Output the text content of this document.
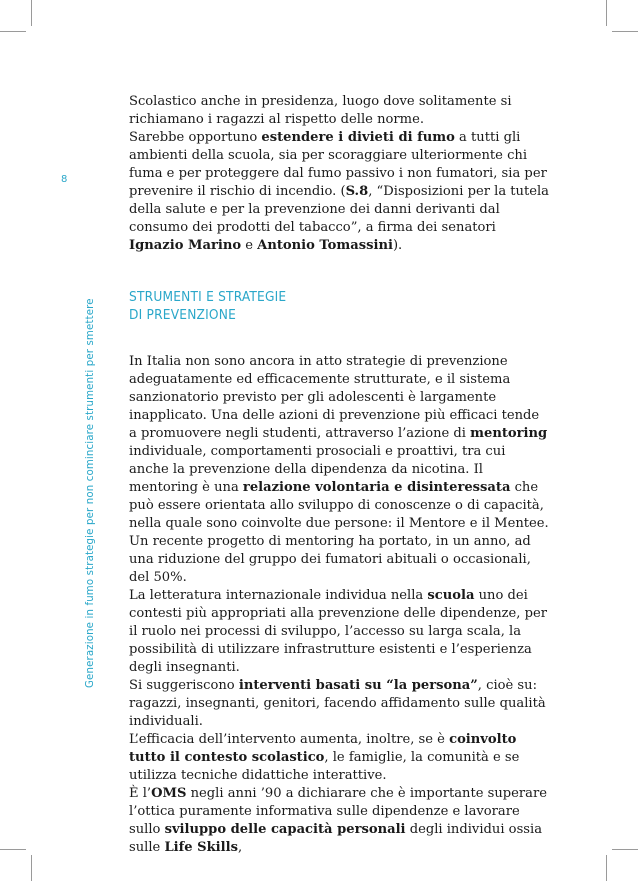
8
Generazione in fumo strategie per non cominciare strumenti per smettere

Scolastico anche in presidenza, luogo dove solitamente si richiamano i ragazzi al rispetto delle norme.

Sarebbe opportuno estendere i divieti di fumo a tutti gli ambienti della scuola, sia per scoraggiare ulteriormente chi fuma e per proteggere dal fumo passivo i non fumatori, sia per prevenire il rischio di incendio. (S.8, “Disposizioni per la tutela della salute e per la prevenzione dei danni derivanti dal consumo dei prodotti del tabacco”, a firma dei senatori Ignazio Marino e Antonio Tomassini).

STRUMENTI E STRATEGIE
DI PREVENZIONE

In Italia non sono ancora in atto strategie di prevenzione adeguatamente ed efficacemente strutturate, e il sistema sanzionatorio previsto per gli adolescenti è largamente inapplicato. Una delle azioni di prevenzione più efficaci tende a promuovere negli studenti, attraverso l’azione di mentoring individuale, comportamenti prosociali e proattivi, tra cui anche la prevenzione della dipendenza da nicotina. Il mentoring è una relazione volontaria e disinteressata che può essere orientata allo sviluppo di conoscenze o di capacità, nella quale sono coinvolte due persone: il Mentore e il Mentee. Un recente progetto di mentoring ha portato, in un anno, ad una riduzione del gruppo dei fumatori abituali o occasionali, del 50%.

La letteratura internazionale individua nella scuola uno dei contesti più appropriati alla prevenzione delle dipendenze, per il ruolo nei processi di sviluppo, l’accesso su larga scala, la possibilità di utilizzare infrastrutture esistenti e l’esperienza degli insegnanti.

Si suggeriscono interventi basati su “la persona”, cioè su: ragazzi, insegnanti, genitori, facendo affidamento sulle qualità individuali.

L’efficacia dell’intervento aumenta, inoltre, se è coinvolto tutto il contesto scolastico, le famiglie, la comunità e se utilizza tecniche didattiche interattive.

È l’OMS negli anni ’90 a dichiarare che è importante superare l’ottica puramente informativa sulle dipendenze e lavorare sullo sviluppo delle capacità personali degli individui ossia sulle Life Skills,
